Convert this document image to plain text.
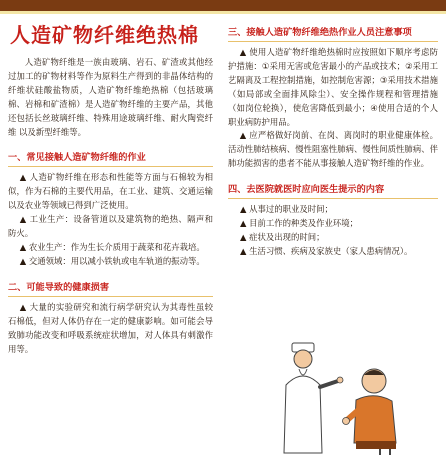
人造矿物纤维绝热棉

人造矿物纤维是一族由玻璃、岩石、矿渣或其他经过加工的矿物材料等作为原料生产得到的非晶体结构的纤维状硅酸盐物质，人造矿物纤维绝热棉（包括玻璃棉、岩棉和矿渣棉）是人造矿物纤维的主要产品，其他还包括长丝玻璃纤维、特殊用途玻璃纤维、耐火陶瓷纤维 以及新型纤维等。

一、常见接触人造矿物纤维的作业

▲ 人造矿物纤维在形态和性能等方面与石棉较为相似，作为石棉的主要代用品，在工业、建筑、交通运输以及农业等领域已得到广泛使用。

▲ 工业生产：设备管道以及建筑物的绝热、隔声和防火。

▲ 农业生产：作为生长介质用于蔬菜和花卉栽培。

▲ 交通领域：用以减小铁轨或电车轨道的振动等。

二、可能导致的健康损害

▲ 大量的实验研究和流行病学研究认为其毒性虽较石棉低，但对人体仍存在一定的健康影响。如可能会导致肺功能改变和呼吸系统症状增加，对人体具有刺激作用等。

三、接触人造矿物纤维绝热作业人员注意事项

▲ 使用人造矿物纤维绝热棉时应按照如下顺序考虑防护措施：①采用无害或危害最小的产品或技术；②采用工艺隔离及工程控制措施，如控制危害源；③采用技术措施（如局部或全面排风除尘）、安全操作规程和管理措施（如岗位轮换），使危害降低到最小；④使用合适的个人职业病防护用品。

▲ 应严格做好岗前、在岗、离岗时的职业健康体检。活动性肺结核病、慢性阻塞性肺病、慢性间质性肺病、伴肺功能损害的患者不能从事接触人造矿物纤维的作业。

四、去医院就医时应向医生提示的内容

▲ 从事过的职业及时间；

▲ 目前工作的种类及作业环境；

▲ 症状及出现的时间；

▲ 生活习惯、疾病及家族史（家人患病情况）。
